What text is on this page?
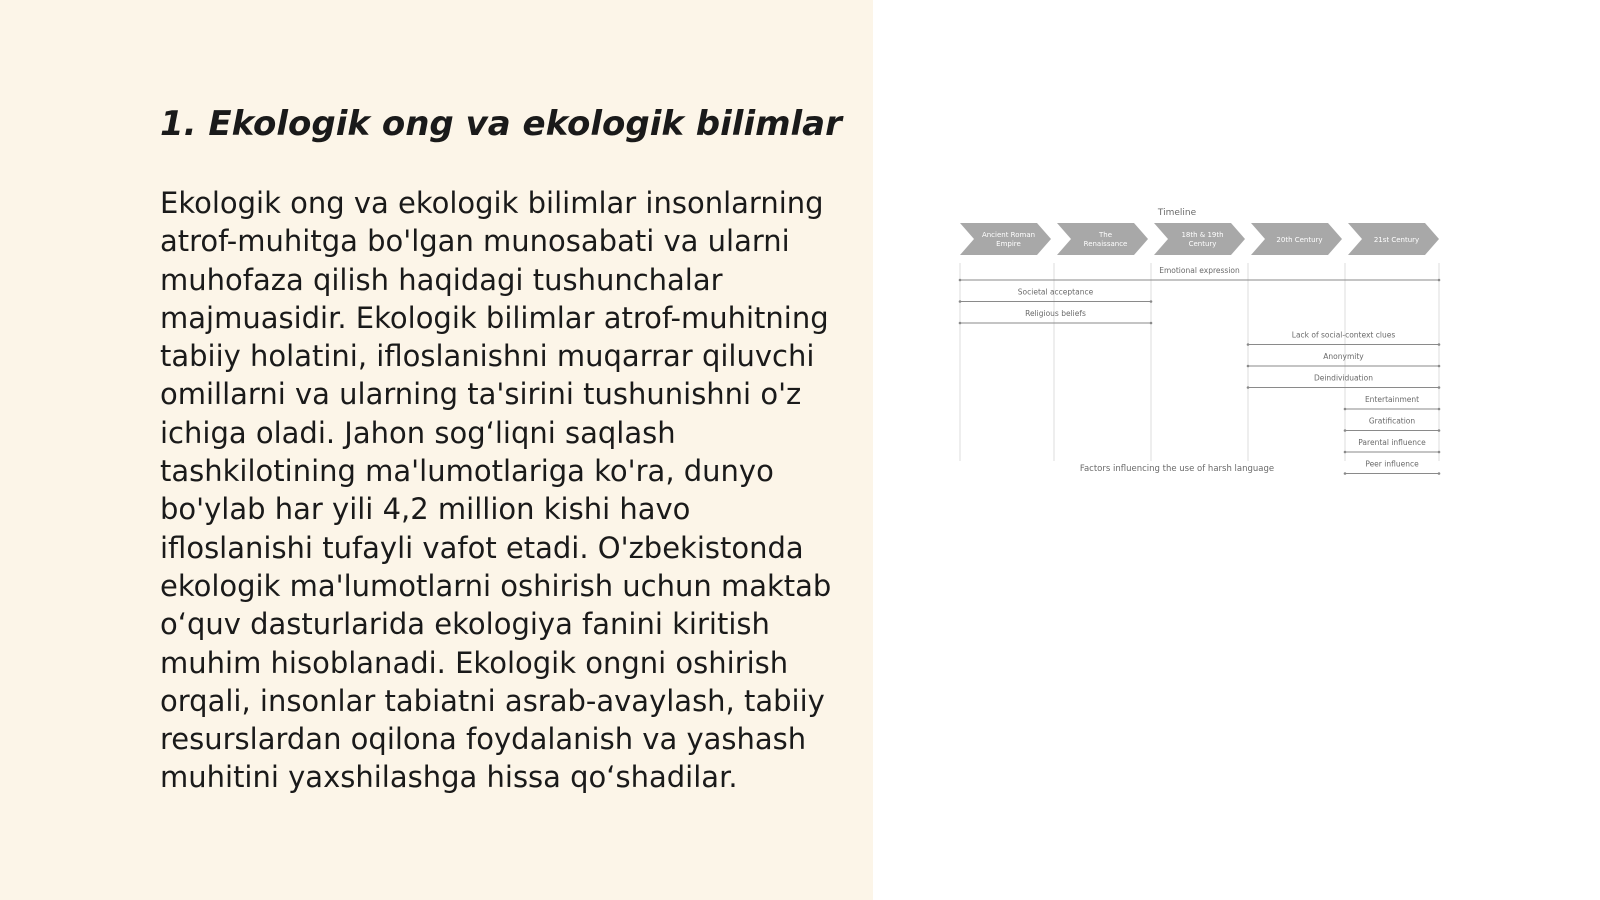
1. Ekologik ong va ekologik bilimlar

Ekologik ong va ekologik bilimlar insonlarning atrof-muhitga bo'lgan munosabati va ularni muhofaza qilish haqidagi tushunchalar majmuasidir. Ekologik bilimlar atrof-muhitning tabiiy holatini, ifloslanishni muqarrar qiluvchi omillarni va ularning ta'sirini tushunishni o'z ichiga oladi. Jahon sog‘liqni saqlash tashkilotining ma'lumotlariga ko'ra, dunyo bo'ylab har yili 4,2 million kishi havo ifloslanishi tufayli vafot etadi. O'zbekistonda ekologik ma'lumotlarni oshirish uchun maktab o‘quv dasturlarida ekologiya fanini kiritish muhim hisoblanadi. Ekologik ongni oshirish orqali, insonlar tabiatni asrab-avaylash, tabiiy resurslardan oqilona foydalanish va yashash muhitini yaxshilashga hissa qo‘shadilar.

Timeline
Ancient Roman
Empire
The
Renaissance
18th & 19th
Century	20th Century	21st Century
Emotional expression
Societal acceptance
Religious beliefs
Lack of social-context clues
Anonymity
Deindividuation
Entertainment
Gratification
Parental influence
Peer influence
Factors influencing the use of harsh language
